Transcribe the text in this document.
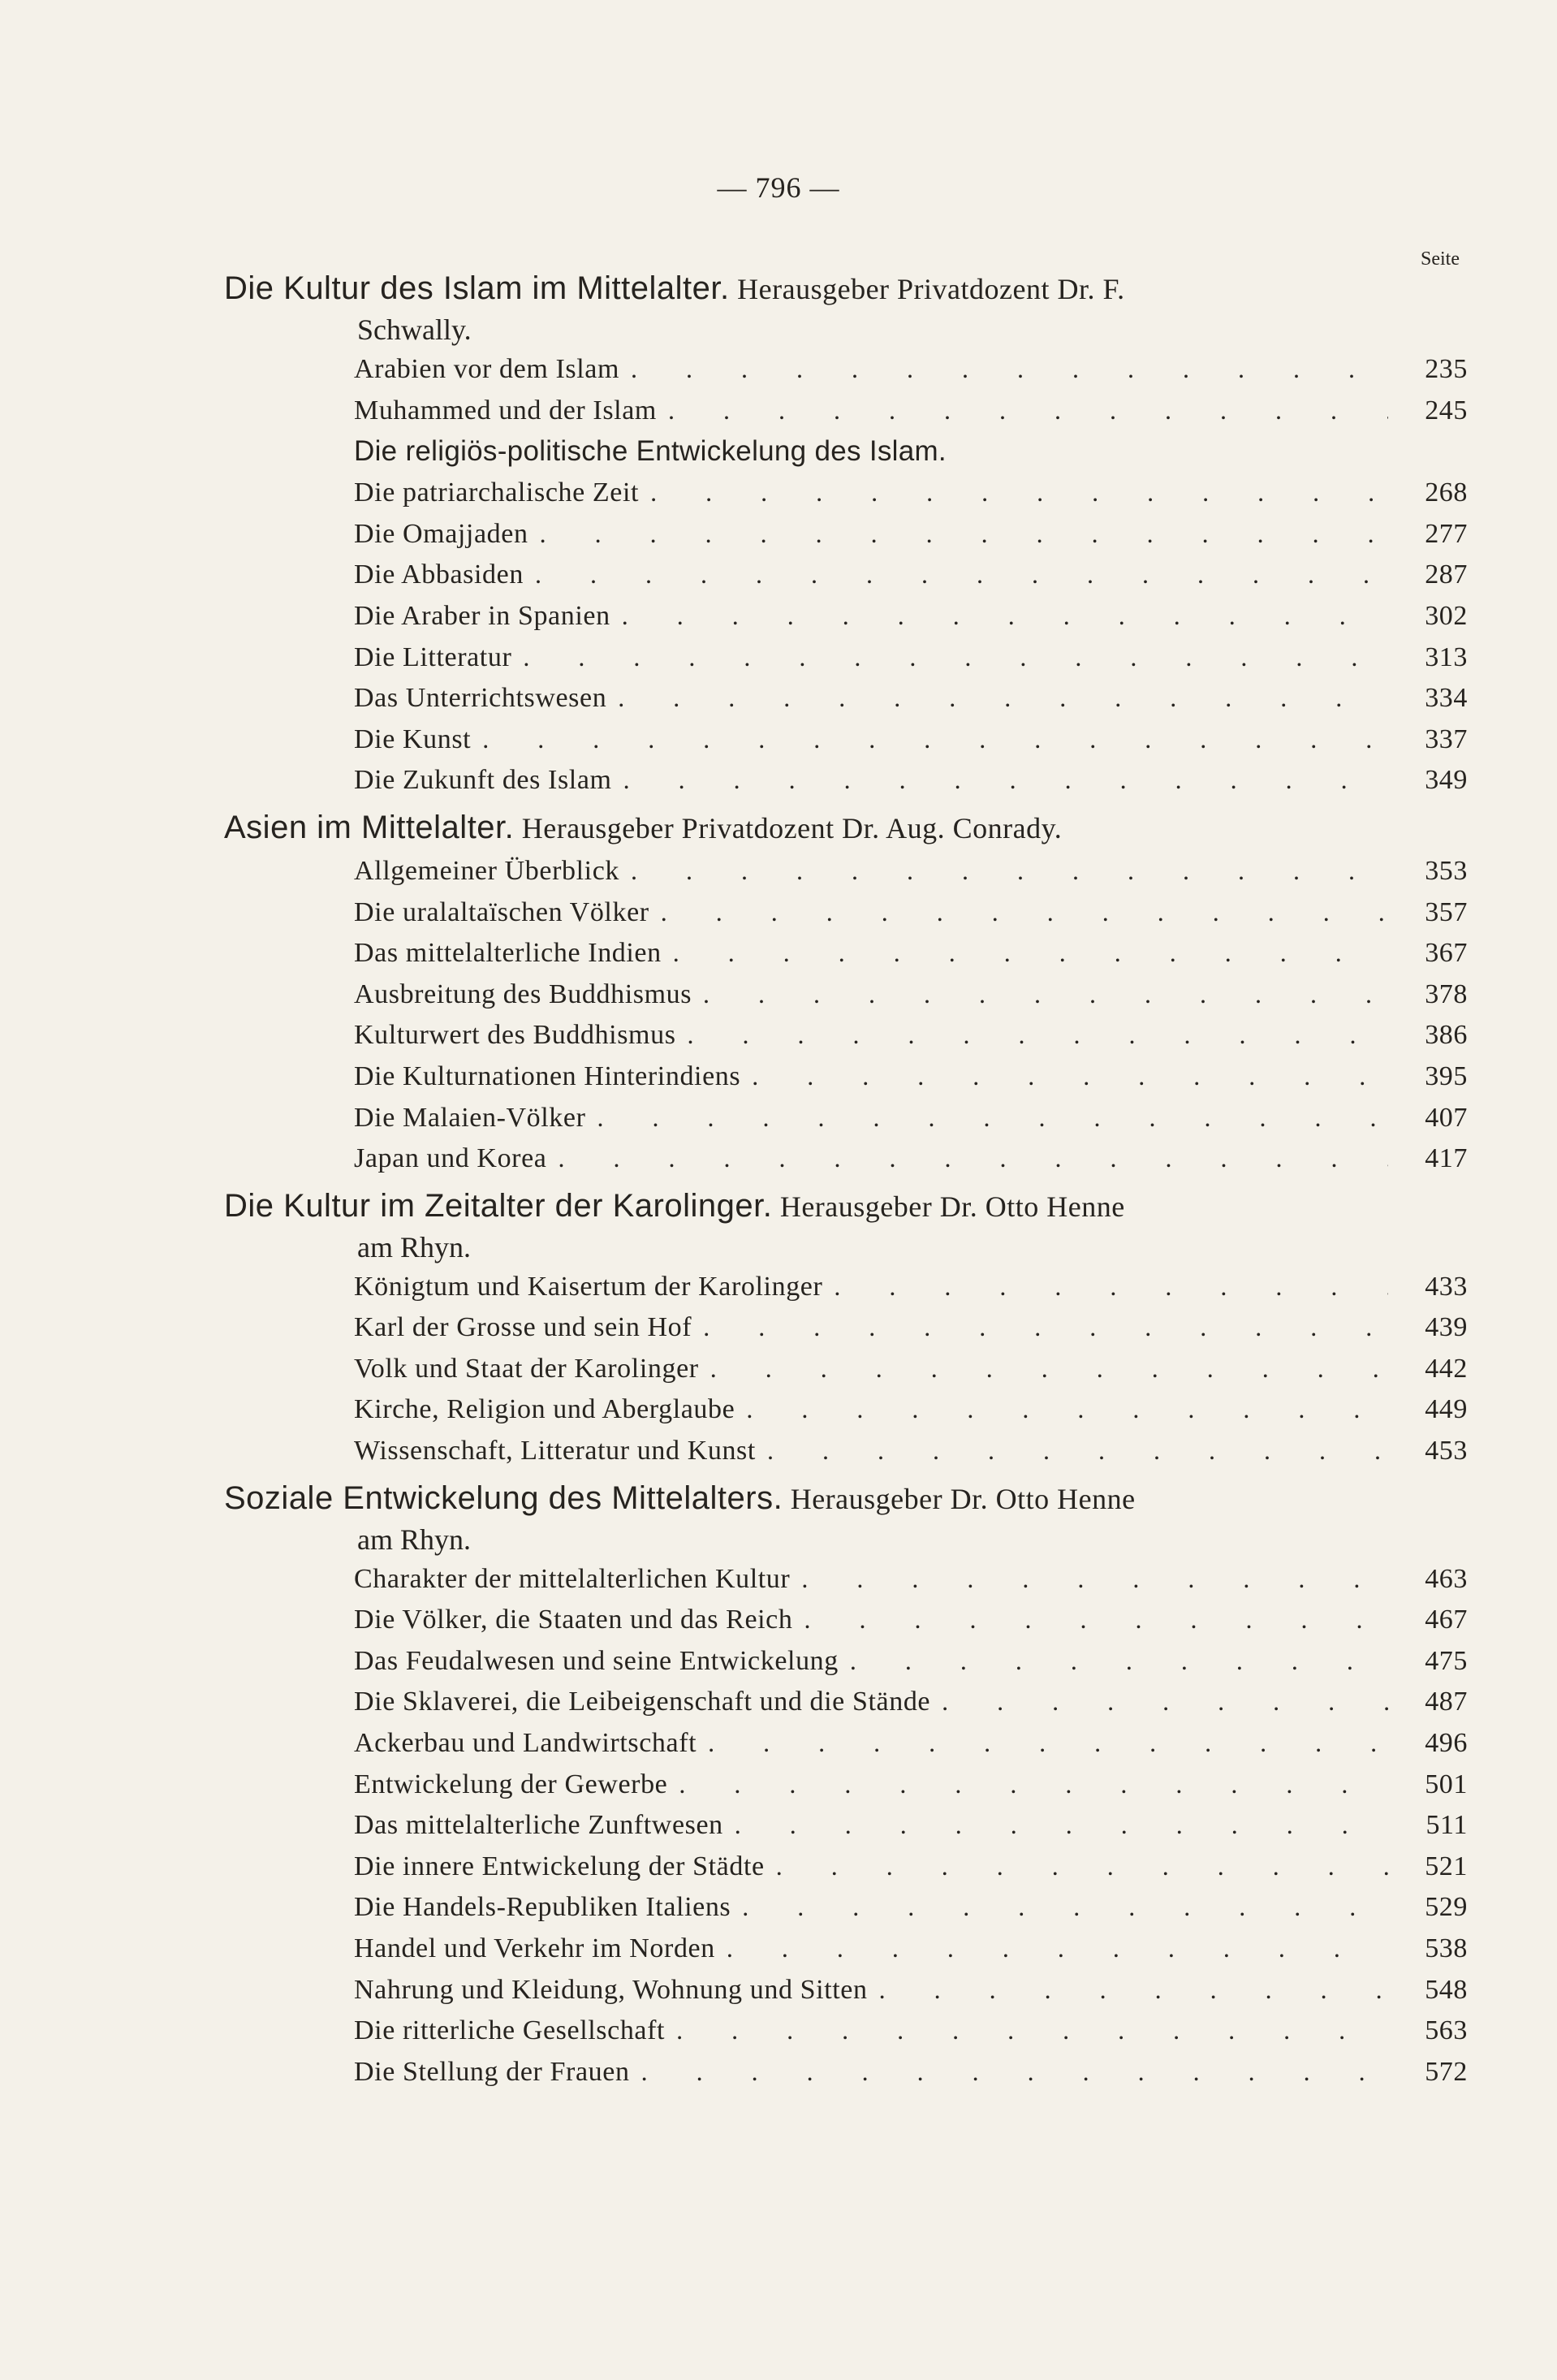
— 796 —
Seite
Die Kultur des Islam im Mittelalter. Herausgeber Privatdozent Dr. F.
Schwally.
Arabien vor dem Islam . . .	235
Muhammed und der Islam . . .	245
Die religiös-politische Entwickelung des Islam.
Die patriarchalische Zeit . . .	268
Die Omajjaden . . .	277
Die Abbasiden . . .	287
Die Araber in Spanien . . .	302
Die Litteratur . . .	313
Das Unterrichtswesen . . .	334
Die Kunst . . .	337
Die Zukunft des Islam . . .	349
Asien im Mittelalter. Herausgeber Privatdozent Dr. Aug. Conrady.
Allgemeiner Überblick . . .	353
Die uralaltaïschen Völker . . .	357
Das mittelalterliche Indien . . .	367
Ausbreitung des Buddhismus . . .	378
Kulturwert des Buddhismus . . .	386
Die Kulturnationen Hinterindiens . . .	395
Die Malaien-Völker . . .	407
Japan und Korea . . .	417
Die Kultur im Zeitalter der Karolinger. Herausgeber Dr. Otto Henne
am Rhyn.
Königtum und Kaisertum der Karolinger . . .	433
Karl der Grosse und sein Hof . . .	439
Volk und Staat der Karolinger . . .	442
Kirche, Religion und Aberglaube . . .	449
Wissenschaft, Litteratur und Kunst . . .	453
Soziale Entwickelung des Mittelalters. Herausgeber Dr. Otto Henne
am Rhyn.
Charakter der mittelalterlichen Kultur . . .	463
Die Völker, die Staaten und das Reich . . .	467
Das Feudalwesen und seine Entwickelung . . .	475
Die Sklaverei, die Leibeigenschaft und die Stände . . .	487
Ackerbau und Landwirtschaft . . .	496
Entwickelung der Gewerbe . . .	501
Das mittelalterliche Zunftwesen . . .	511
Die innere Entwickelung der Städte . . .	521
Die Handels-Republiken Italiens . . .	529
Handel und Verkehr im Norden . . .	538
Nahrung und Kleidung, Wohnung und Sitten . . .	548
Die ritterliche Gesellschaft . . .	563
Die Stellung der Frauen . . .	572
